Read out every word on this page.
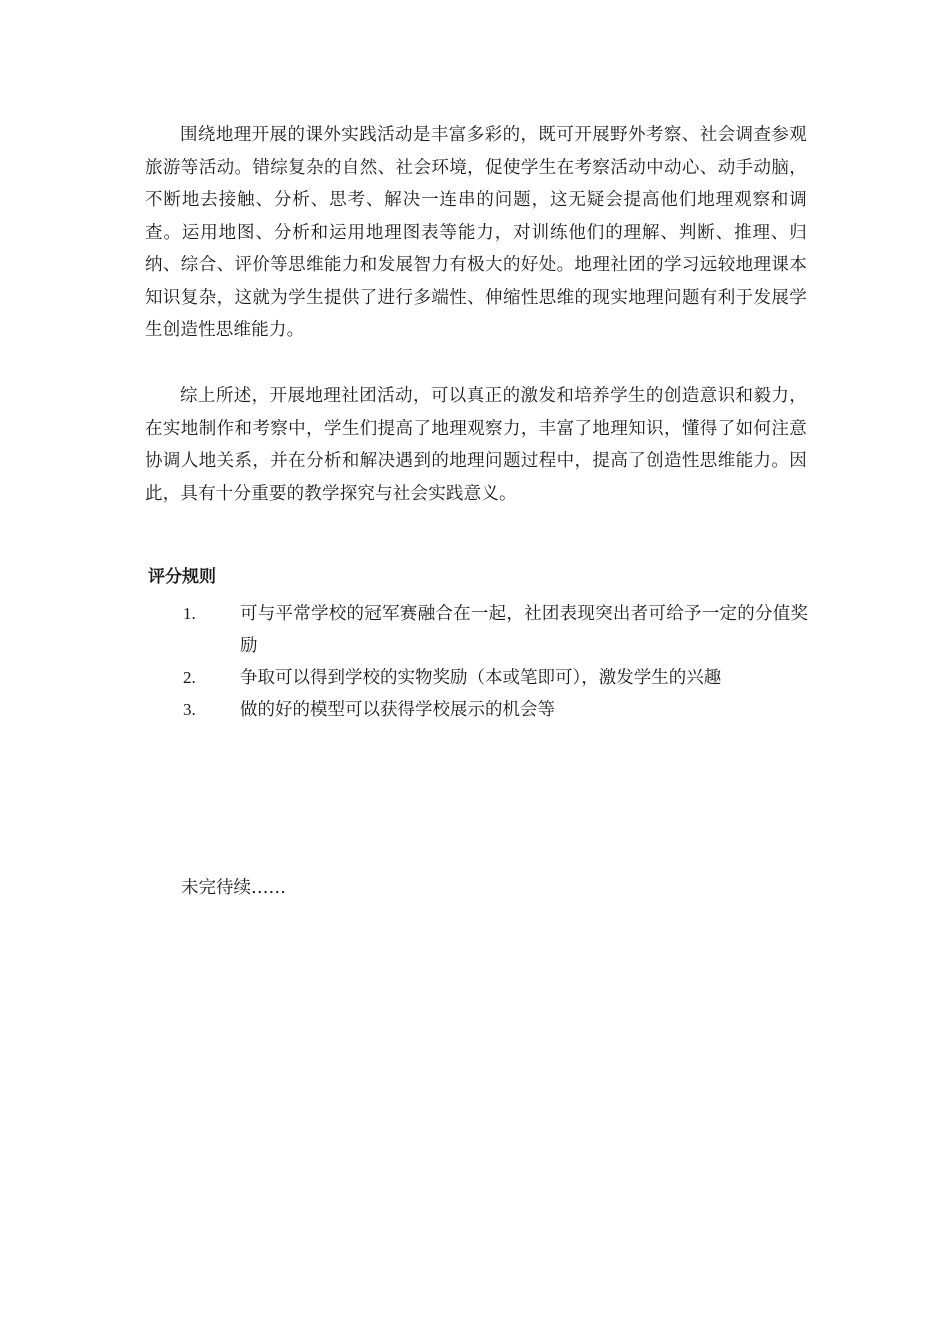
围绕地理开展的课外实践活动是丰富多彩的，既可开展野外考察、社会调查参观旅游等活动。错综复杂的自然、社会环境，促使学生在考察活动中动心、动手动脑，不断地去接触、分析、思考、解决一连串的问题，这无疑会提高他们地理观察和调查。运用地图、分析和运用地理图表等能力，对训练他们的理解、判断、推理、归纳、综合、评价等思维能力和发展智力有极大的好处。地理社团的学习远较地理课本知识复杂，这就为学生提供了进行多端性、伸缩性思维的现实地理问题有利于发展学生创造性思维能力。

综上所述，开展地理社团活动，可以真正的激发和培养学生的创造意识和毅力，在实地制作和考察中，学生们提高了地理观察力，丰富了地理知识，懂得了如何注意协调人地关系，并在分析和解决遇到的地理问题过程中，提高了创造性思维能力。因此，具有十分重要的教学探究与社会实践意义。

评分规则
1.	可与平常学校的冠军赛融合在一起，社团表现突出者可给予一定的分值奖励
2.	争取可以得到学校的实物奖励（本或笔即可），激发学生的兴趣
3.	做的好的模型可以获得学校展示的机会等

未完待续……
